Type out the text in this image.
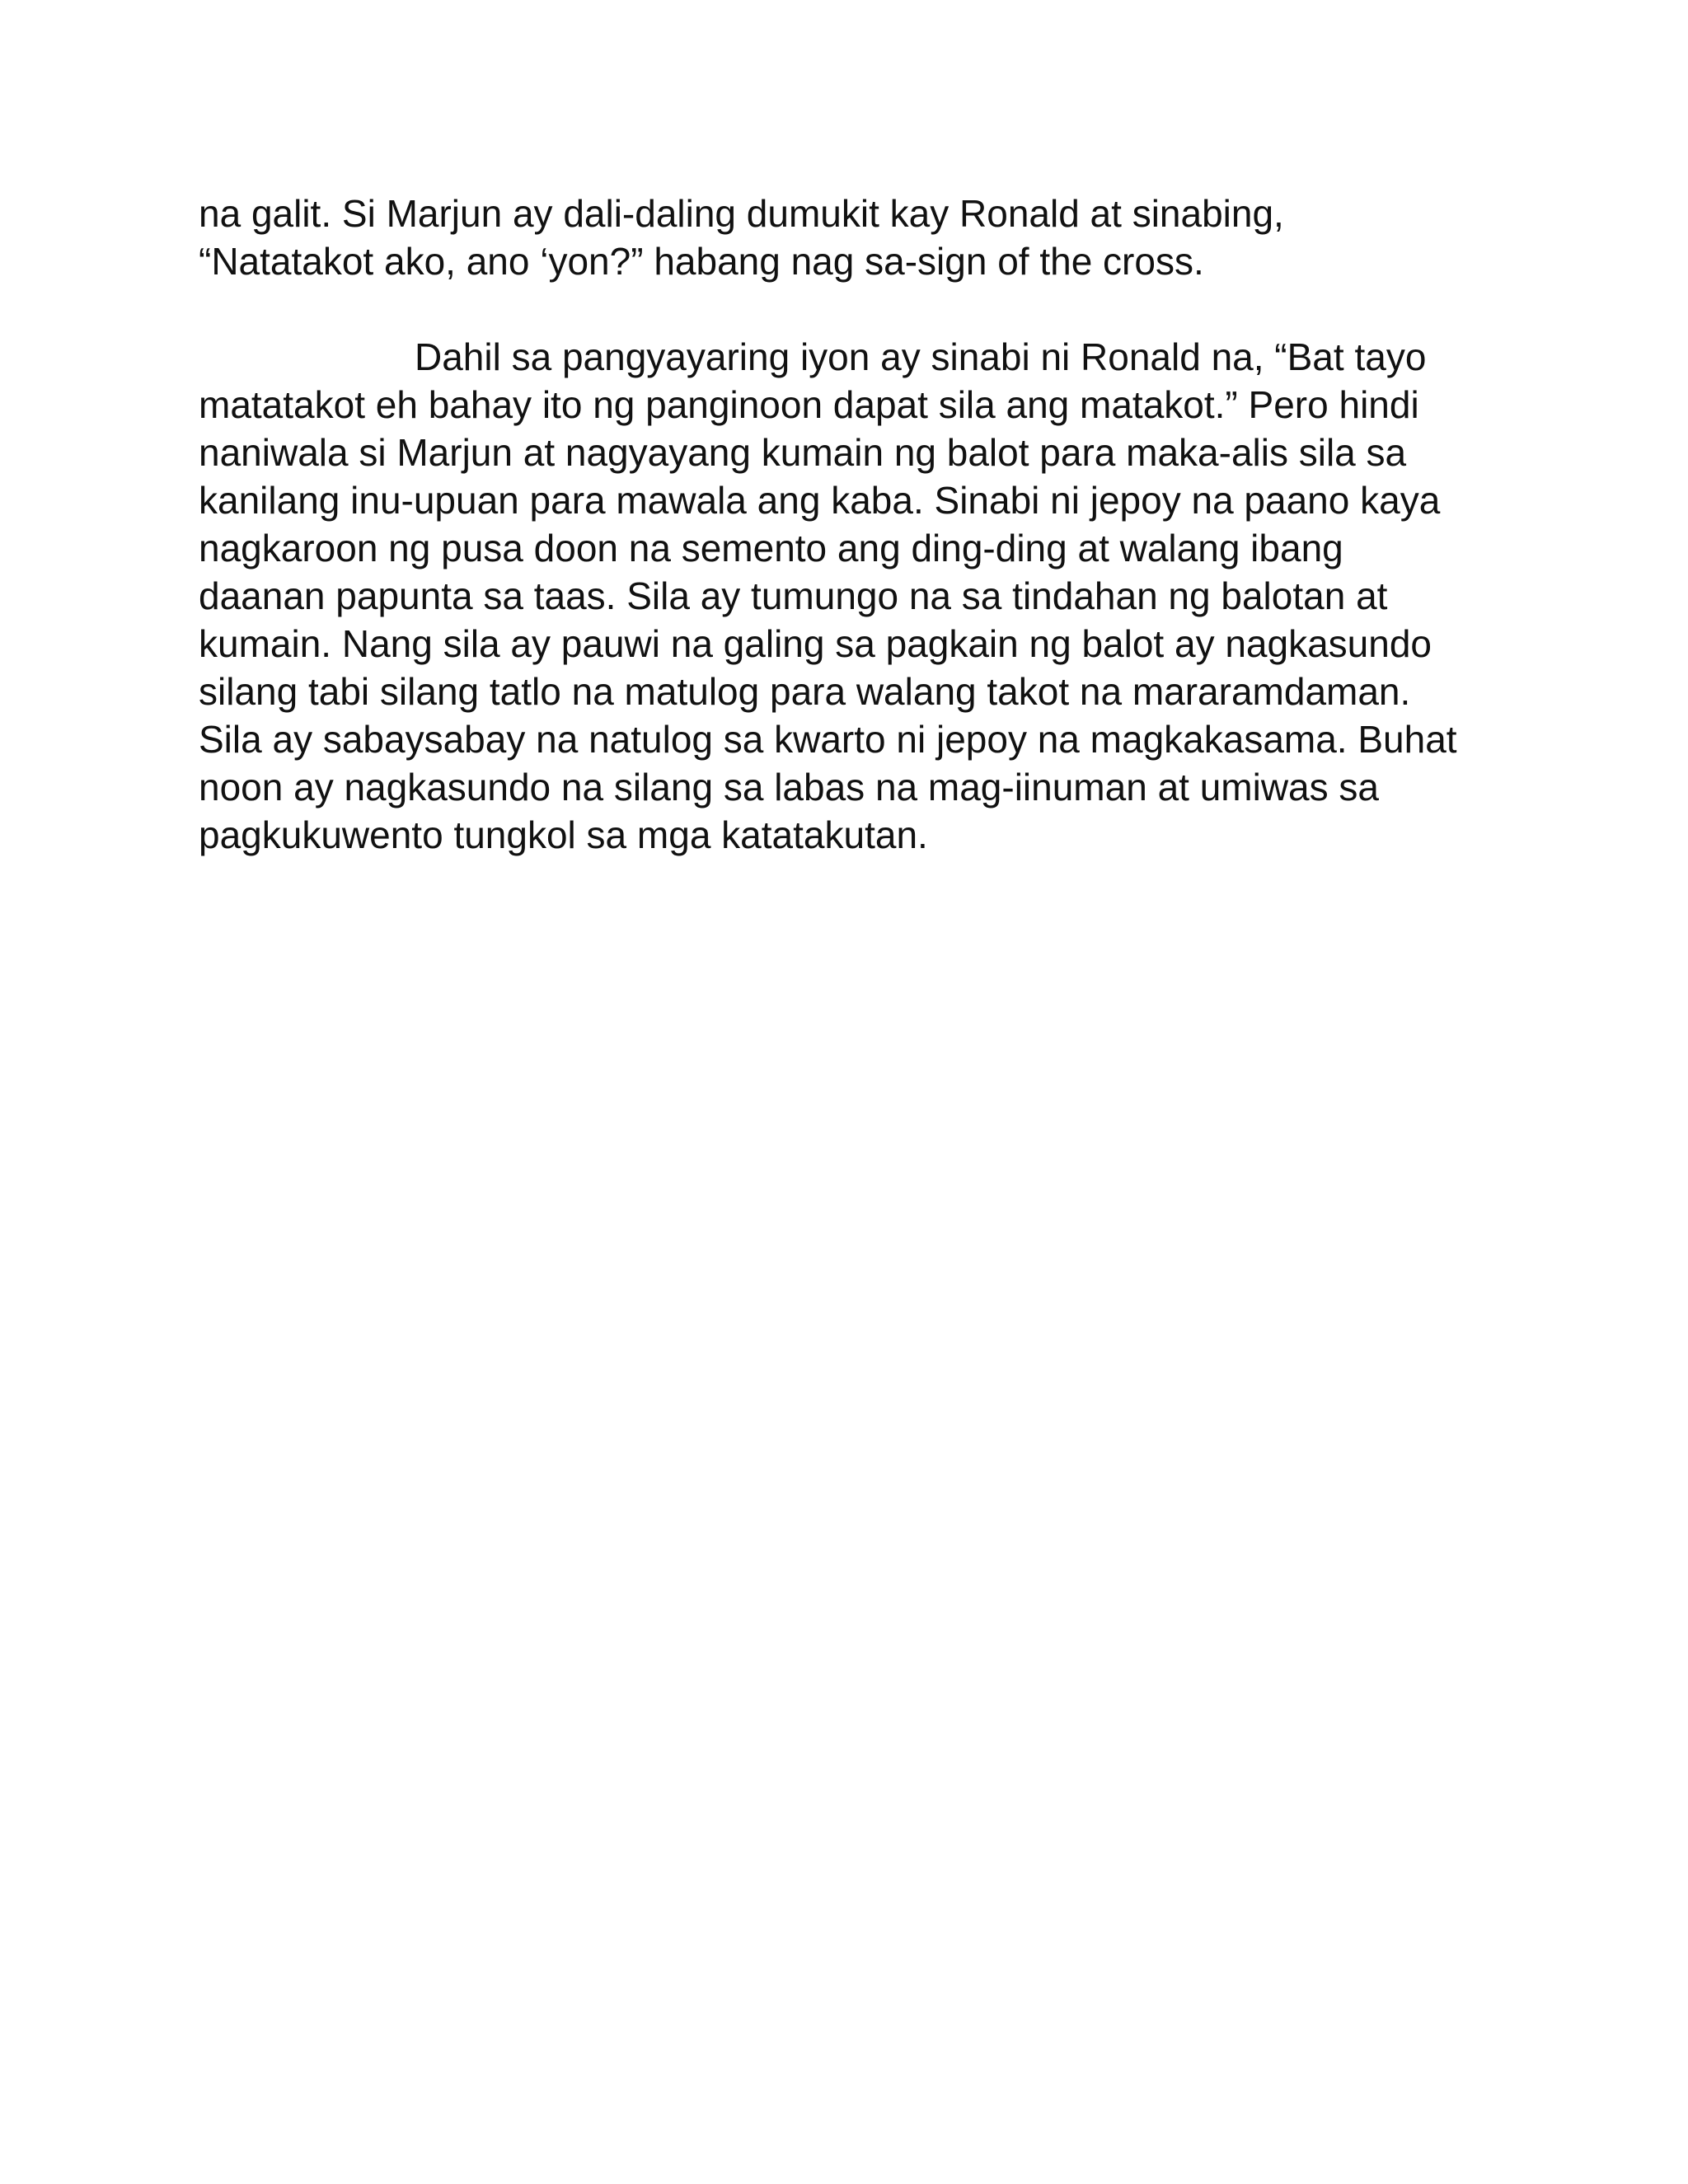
na galit. Si Marjun ay dali-daling dumukit kay Ronald at sinabing,
“Natatakot ako, ano ‘yon?” habang nag sa-sign of the cross.
Dahil sa pangyayaring iyon ay sinabi ni Ronald na, “Bat tayo
matatakot eh bahay ito ng panginoon dapat sila ang matakot.” Pero hindi
naniwala si Marjun at nagyayang kumain ng balot para maka-alis sila sa
kanilang inu-upuan para mawala ang kaba. Sinabi ni jepoy na paano kaya
nagkaroon ng pusa doon na semento ang ding-ding at walang ibang
daanan papunta sa taas. Sila ay tumungo na sa tindahan ng balotan at
kumain. Nang sila ay pauwi na galing sa pagkain ng balot ay nagkasundo
silang tabi silang tatlo na matulog para walang takot na mararamdaman.
Sila ay sabaysabay na natulog sa kwarto ni jepoy na magkakasama. Buhat
noon ay nagkasundo na silang sa labas na mag-iinuman at umiwas sa
pagkukuwento tungkol sa mga katatakutan.
